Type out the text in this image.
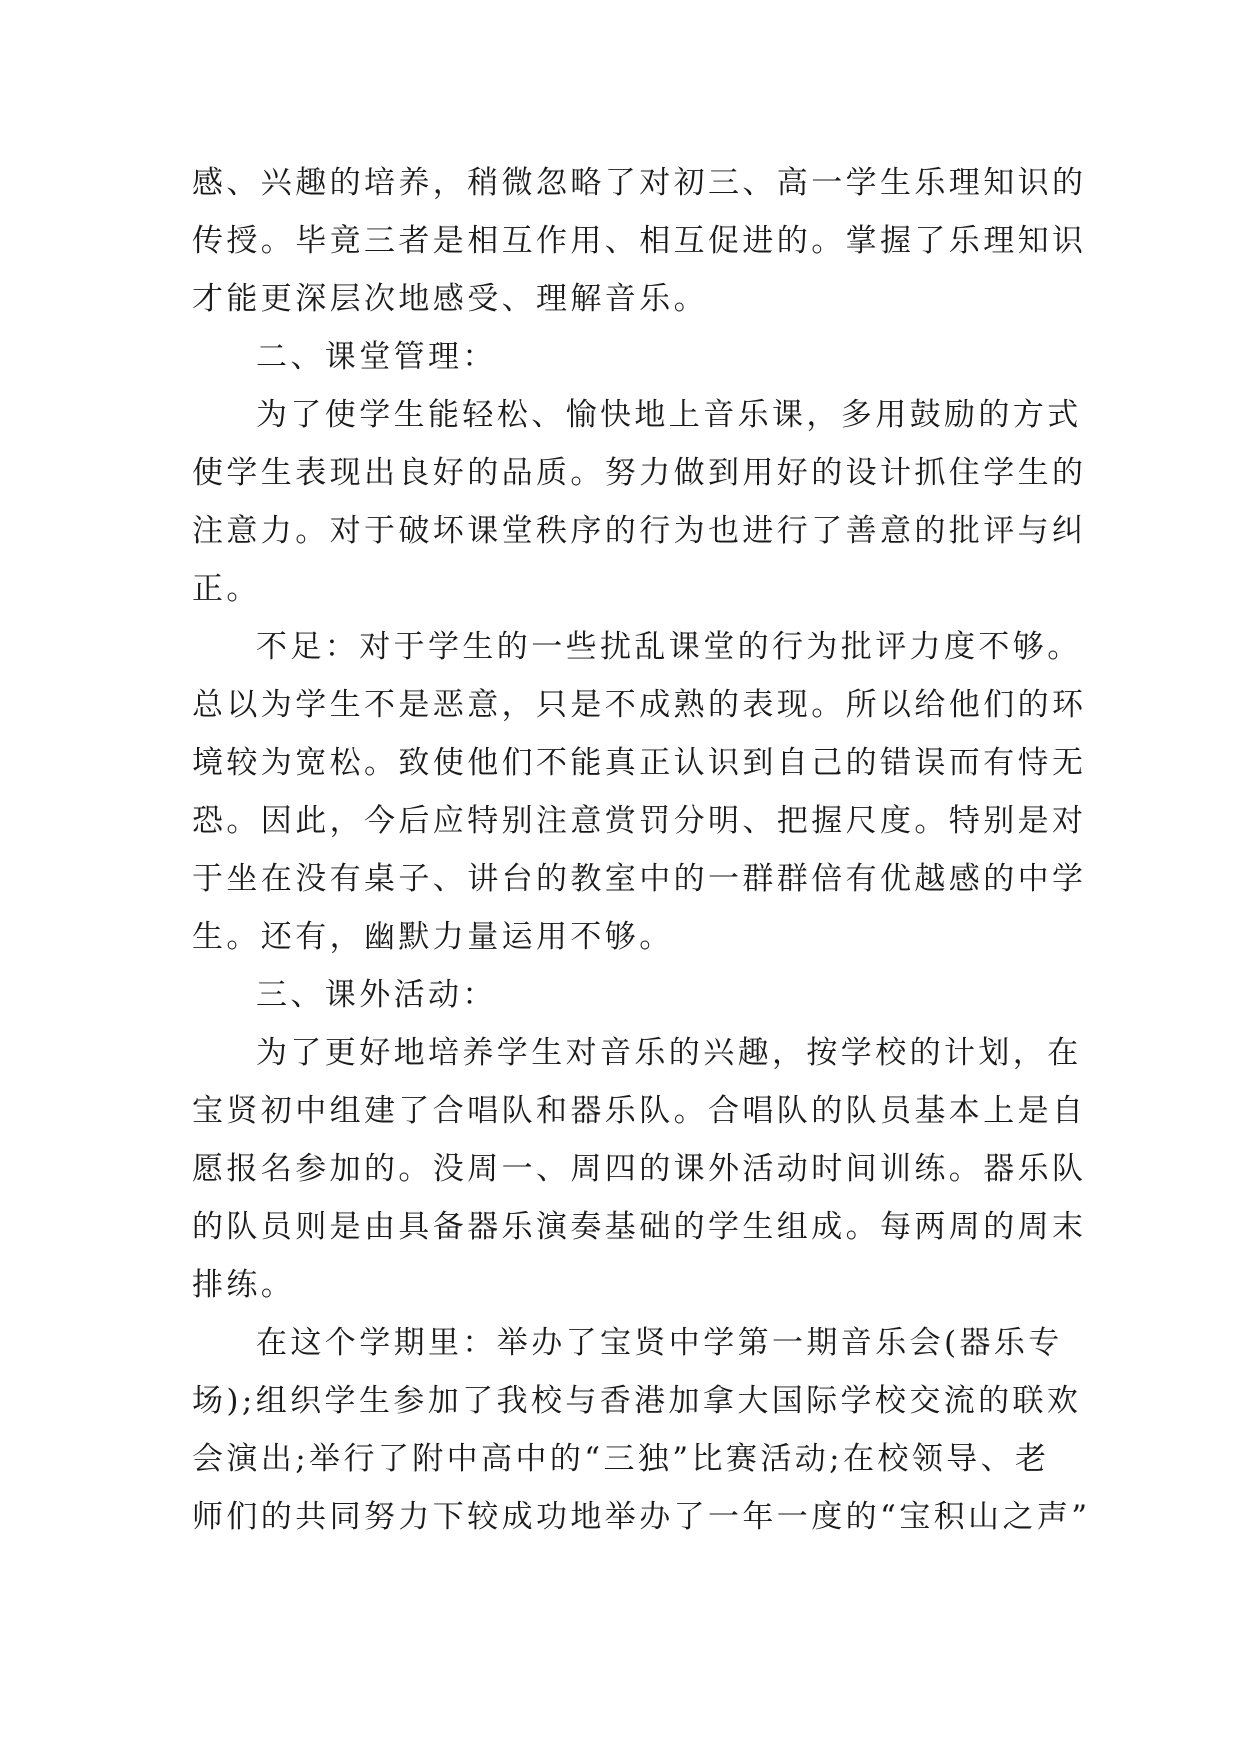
感、兴趣的培养，稍微忽略了对初三、高一学生乐理知识的
传授。毕竟三者是相互作用、相互促进的。掌握了乐理知识
才能更深层次地感受、理解音乐。
二、课堂管理：
为了使学生能轻松、愉快地上音乐课，多用鼓励的方式
使学生表现出良好的品质。努力做到用好的设计抓住学生的
注意力。对于破坏课堂秩序的行为也进行了善意的批评与纠
正。
不足：对于学生的一些扰乱课堂的行为批评力度不够。
总以为学生不是恶意，只是不成熟的表现。所以给他们的环
境较为宽松。致使他们不能真正认识到自己的错误而有恃无
恐。因此，今后应特别注意赏罚分明、把握尺度。特别是对
于坐在没有桌子、讲台的教室中的一群群倍有优越感的中学
生。还有，幽默力量运用不够。
三、课外活动：
为了更好地培养学生对音乐的兴趣，按学校的计划，在
宝贤初中组建了合唱队和器乐队。合唱队的队员基本上是自
愿报名参加的。没周一、周四的课外活动时间训练。器乐队
的队员则是由具备器乐演奏基础的学生组成。每两周的周末
排练。
在这个学期里：举办了宝贤中学第一期音乐会(器乐专
场);组织学生参加了我校与香港加拿大国际学校交流的联欢
会演出;举行了附中高中的“三独”比赛活动;在校领导、老
师们的共同努力下较成功地举办了一年一度的“宝积山之声”
